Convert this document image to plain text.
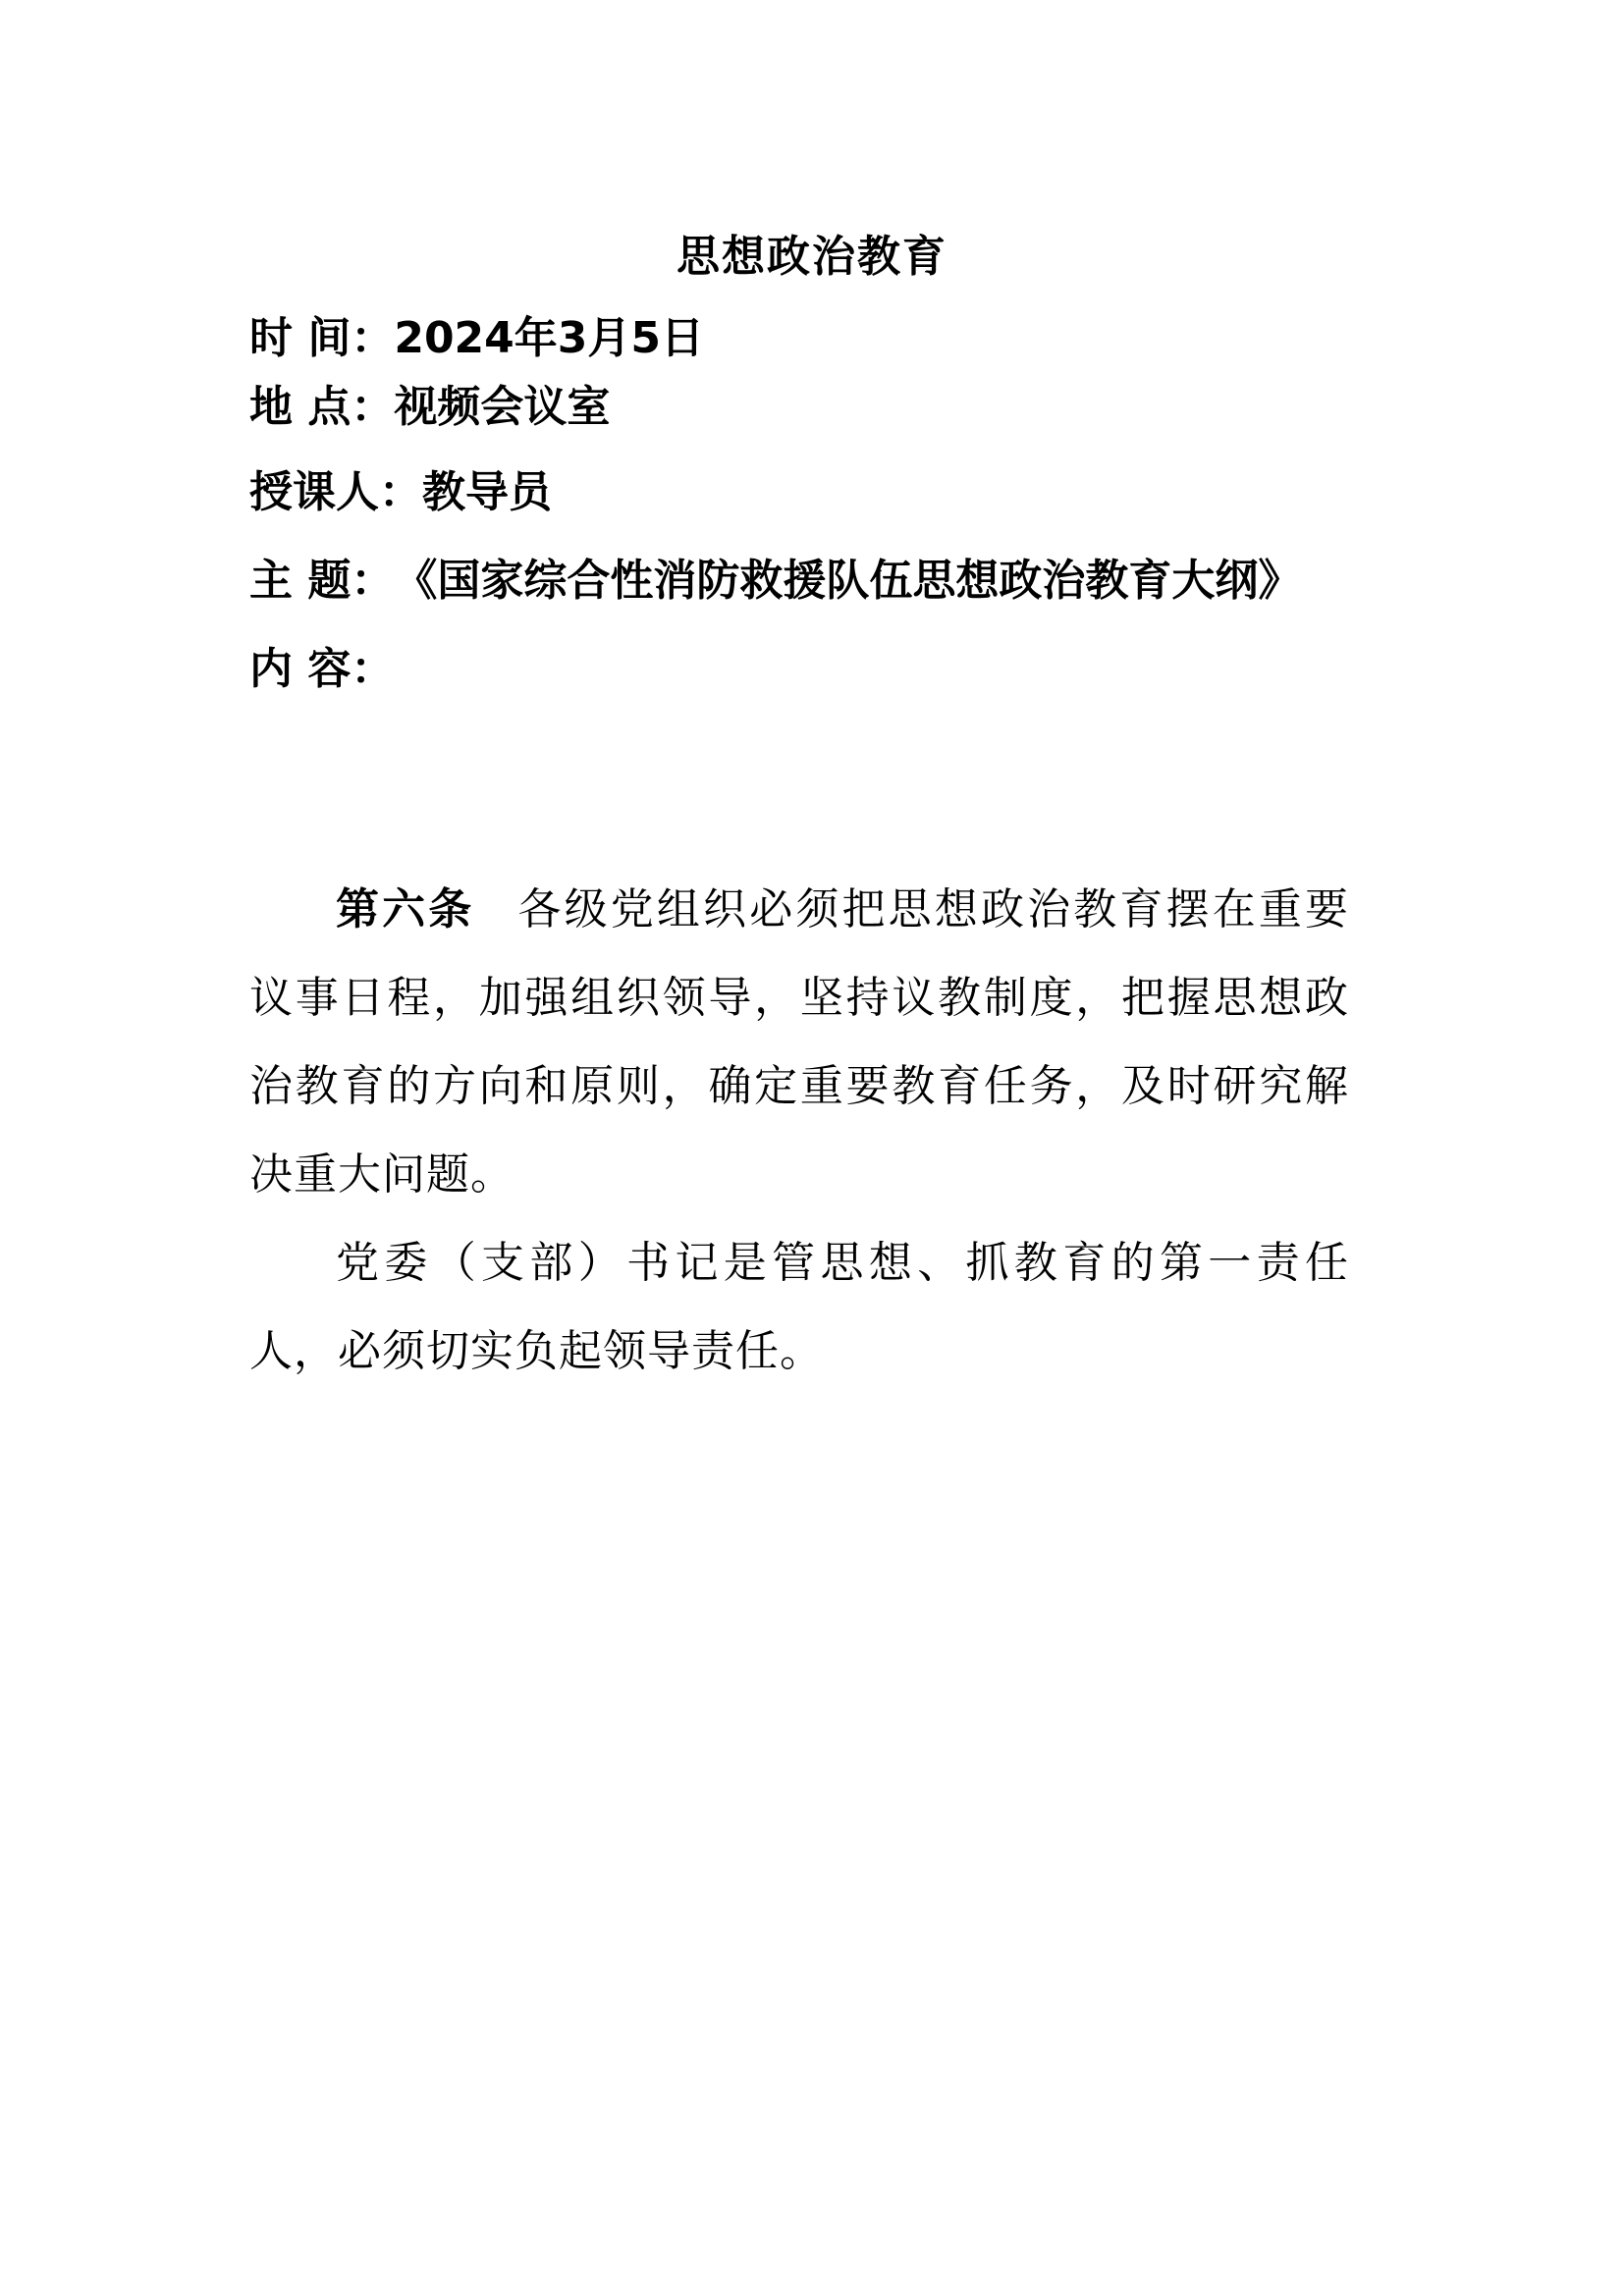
思想政治教育
时 间：2024年3月5日
地 点：视频会议室
授课人：教导员
主 题：《国家综合性消防救援队伍思想政治教育大纲》
内 容：

第六条 各级党组织必须把思想政治教育摆在重要议事日程，加强组织领导，坚持议教制度，把握思想政治教育的方向和原则，确定重要教育任务，及时研究解决重大问题。

党委（支部）书记是管思想、抓教育的第一责任人，必须切实负起领导责任。
